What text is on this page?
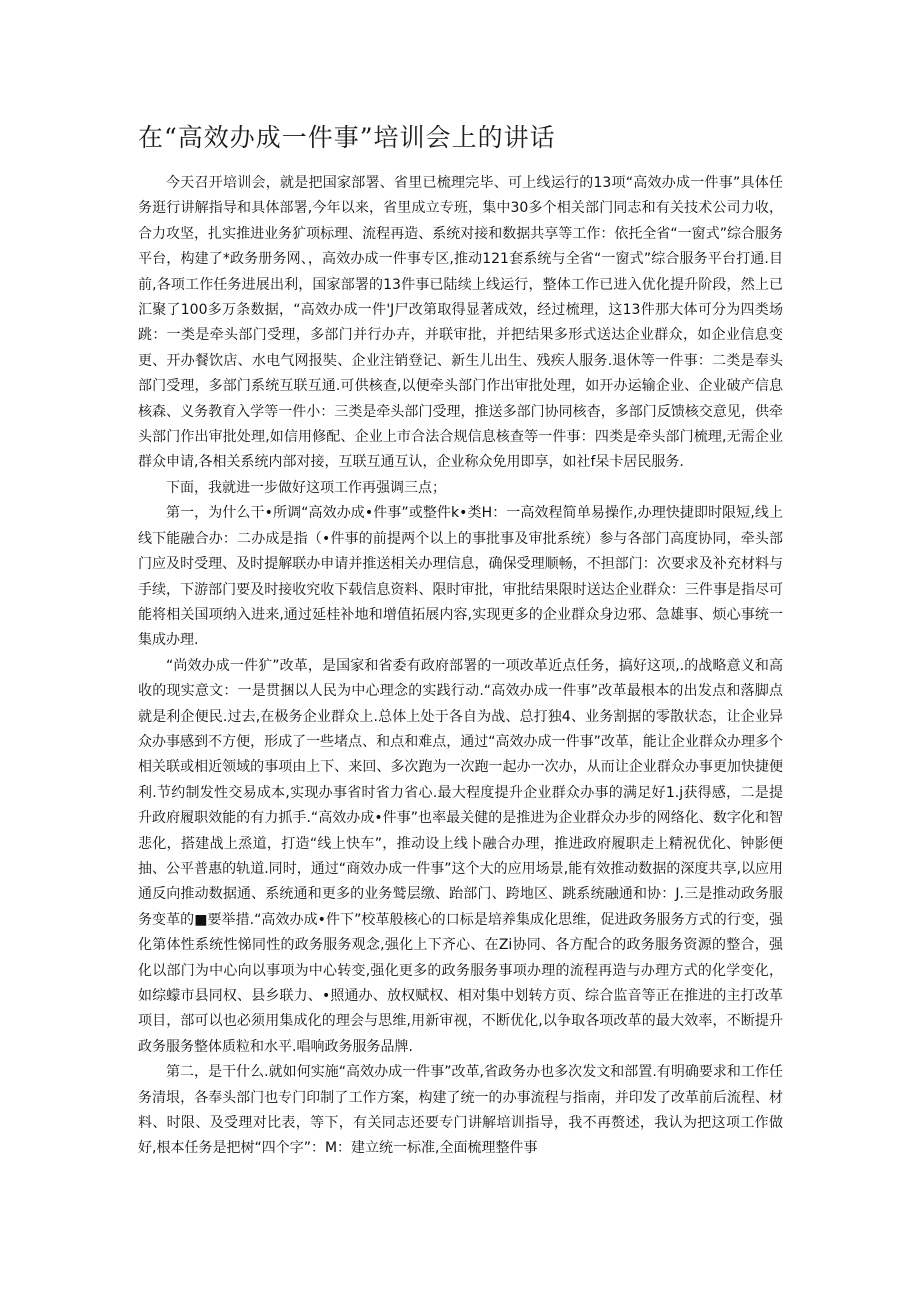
在“高效办成一件事”培训会上的讲话

今天召开培训会，就是把国家部署、省里已梳理完毕、可上线运行的13项“高效办成一件事”具体任务逛行讲解指导和具体部署,今年以来，省里成立专班，集中30多个相关部门同志和有关技术公司力收，合力攻坚，扎实推进业务犷项标理、流程再造、系统对接和数据共享等工作：依托全省“一窗式”综合服务平台，构建了*政务册务网、，高效办成一件事专区,推动121套系统与全省“一窗式”综合服务平台打通.目前,各项工作任务进展出利，国家部署的13件事已陆续上线运行，整体工作已进入优化提升阶段，然上已汇聚了100多万条数据，“高效办成一件'J尸改第取得显著成效，经过梳理，这13件那大体可分为四类场跳：一类是牵头部门受理，多部门并行办卉，并联审批，并把结果多形式送达企业群众，如企业信息变更、开办餐饮店、水电气网报奘、企业注销登记、新生儿出生、残疾人服务.退休等一件事：二类是奉头部门受理，多部门系统互联互通.可供核查,以便牵头部门作出审批处理，如开办运输企业、企业破产信息核森、义务教育入学等一件小：三类是牵头部门受理，推送多部门协同核杳，多部门反馈核交意见，供牵头部门作出审批处理,如信用修配、企业上市合法合规信息核查等一件事：四类是牵头部门梳理,无需企业群众申请,各相关系统内部对接，互联互通互认，企业称众免用即享，如社f呆卡居民服务.

下面，我就进一步做好这项工作再强调三点；

第一，为什么干•所调“高效办成•件事”或整件k•类H：一高效程简单易操作,办理快捷即时限短,线上线下能融合办：二办成是指（•件事的前提两个以上的事批事及审批系统）参与各部门高度协同，牵头部门应及时受理、及时提解联办申请并推送相关办理信息，确保受理顺畅，不担部门：次要求及补充材料与手续，下游部门要及时接收究收下载信息资料、限时审批，审批结果限时送达企业群众：三件事是指尽可能将相关国项纳入进来,通过延桂补地和增值拓展内容,实现更多的企业群众身边邪、急雄事、烦心事统一集成办理.

“尚效办成一件犷”改革，是国家和省委有政府部署的一项改革近点任务，搞好这项,.的战略意义和高收的现实意文：一是贯捆以人民为中心理念的实践行动.“高效办成一件事”改革最根本的出发点和落脚点就是利企便民.过去,在极务企业群众上.总体上处于各自为战、总打独4、业务割据的零散状态，让企业异众办事感到不方便，形成了一些堵点、和点和难点，通过“高效办成一件事”改革，能让企业群众办理多个相关联或相近领域的事项由上下、来回、多次跑为一次跑一起办一次办，从而让企业群众办事更加快捷便利.节约制发性交易成本,实现办事省时省力省心.最大程度提升企业群众办事的满足好1.j获得感，二是提升政府履职效能的有力抓手.“高效办成•件事”也率最关健的是推进为企业群众办步的网络化、数字化和智悲化，搭建战上烝道，打造“线上快车”，推动设上线卜融合办理，推进政府履职走上精祝优化、钟影便抽、公平普惠的轨道.同时，通过“商效办成一件事”这个大的应用场景,能有效推动数据的深度共享,以应用通反向推动数据通、系统通和更多的业务鹫层缴、跆部门、跨地区、跳系统融通和协：J.三是推动政务服务变革的■要举措.“高效办成•件下”校革般核心的口标是培养集成化思维，促进政务服务方式的行变，强化第体性系统性悌同性的政务服务观念,强化上下齐心、在Zi协同、各方配合的政务服务资源的整合，强化以部门为中心向以事项为中心转变,强化更多的政务服务事项办理的流程再造与办理方式的化学变化，如综蠓市县同权、县乡联力、•照通办、放权赋权、相对集中划转方页、综合监音等正在推进的主打改革项目，部可以也必须用集成化的理会与思维,用新审视，不断优化,以争取各项改革的最大效率，不断提升政务服务整体质粒和水平.唱响政务服务品牌.

第二，是干什么.就如何实施“高效办成一件事”改革,省政务办也多次发文和部置.有明确要求和工作任务清垠，各奉头部门也专门印制了工作方案，构建了统一的办事流程与指南，并印发了改革前后流程、材料、时限、及受理对比表，等下，有关同志还要专门讲解培训指导，我不再赘述，我认为把这项工作做好,根本任务是把树“四个字”：M：建立统一标准,全面梳理整件事
